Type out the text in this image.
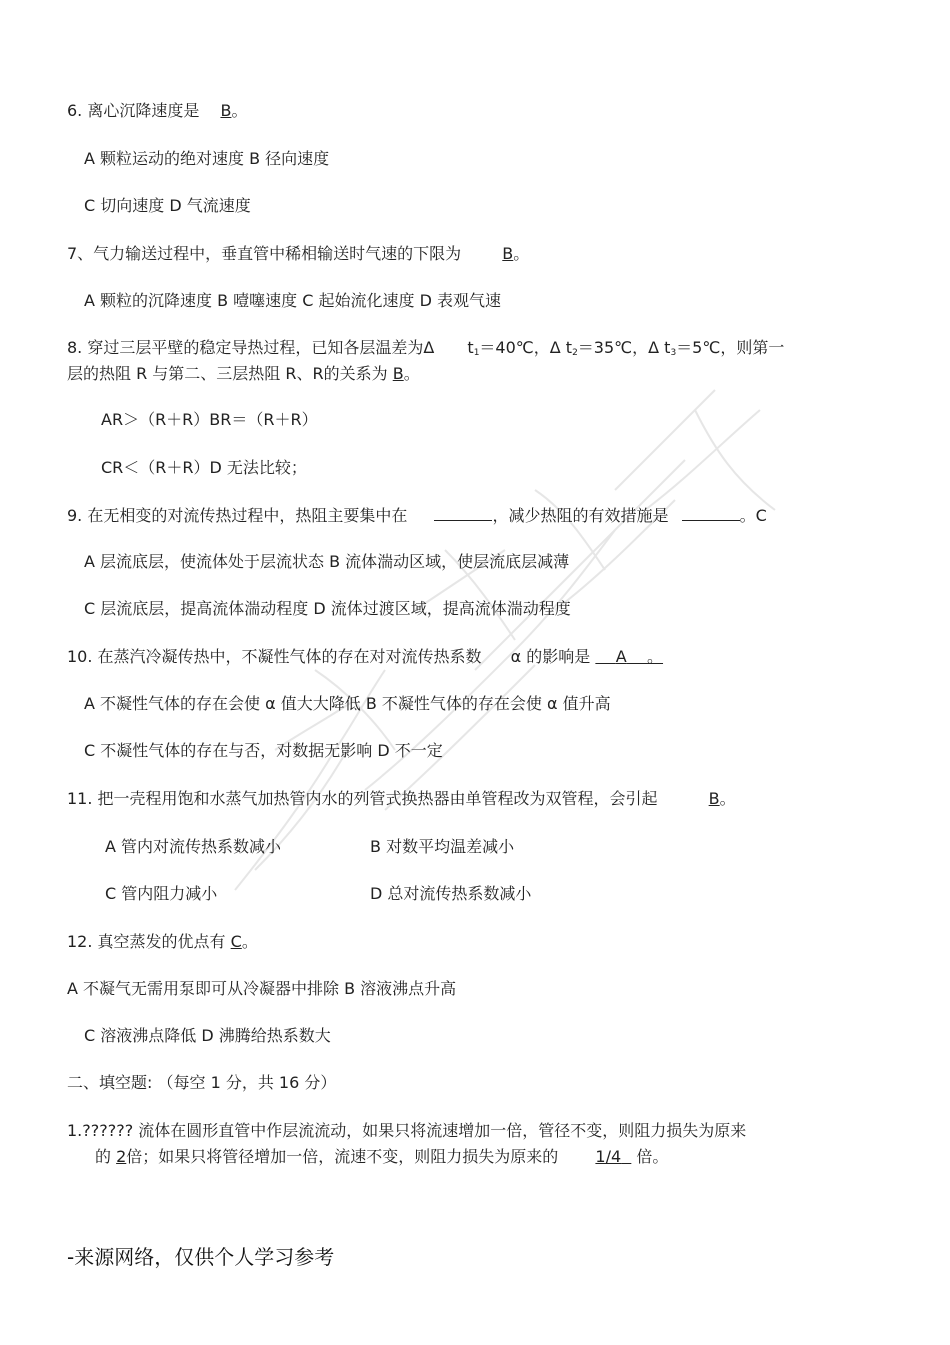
6. 离心沉降速度是 B。
A 颗粒运动的绝对速度 B 径向速度
C 切向速度 D 气流速度
7、气力输送过程中，垂直管中稀相输送时气速的下限为	B。
A 颗粒的沉降速度 B 噎噻速度 C 起始流化速度 D 表观气速
8. 穿过三层平壁的稳定导热过程，已知各层温差为Δ $t_1=40℃$，Δ $t_2=35℃$，Δ $t_3=5℃$，则第一
层的热阻 R 与第二、三层热阻 R、R的关系为 B。
AR＞（R＋R）BR＝（R＋R）
CR＜（R＋R）D 无法比较；
9. 在无相变的对流传热过程中，热阻主要集中在	，减少热阻的有效措施是	。C
A 层流底层，使流体处于层流状态 B 流体湍动区域，使层流底层减薄
C 层流底层，提高流体湍动程度 D 流体过渡区域，提高流体湍动程度
10. 在蒸汽冷凝传热中，不凝性气体的存在对对流传热系数 α 的影响是 A 。
A 不凝性气体的存在会使 α 值大大降低 B 不凝性气体的存在会使 α 值升高
C 不凝性气体的存在与否，对数据无影响 D 不一定
11. 把一壳程用饱和水蒸气加热管内水的列管式换热器由单管程改为双管程，会引起	B。
A 管内对流传热系数减小	B 对数平均温差减小
C 管内阻力减小	D 总对流传热系数减小
12. 真空蒸发的优点有 C。
A 不凝气无需用泵即可从冷凝器中排除 B 溶液沸点升高
C 溶液沸点降低 D 沸腾给热系数大
二、填空题: （每空 1 分，共 16 分）
1.?????? 流体在圆形直管中作层流流动，如果只将流速增加一倍，管径不变，则阻力损失为原来
的 2倍；如果只将管径增加一倍，流速不变，则阻力损失为原来的 1/4 倍。
-来源网络，仅供个人学习参考
